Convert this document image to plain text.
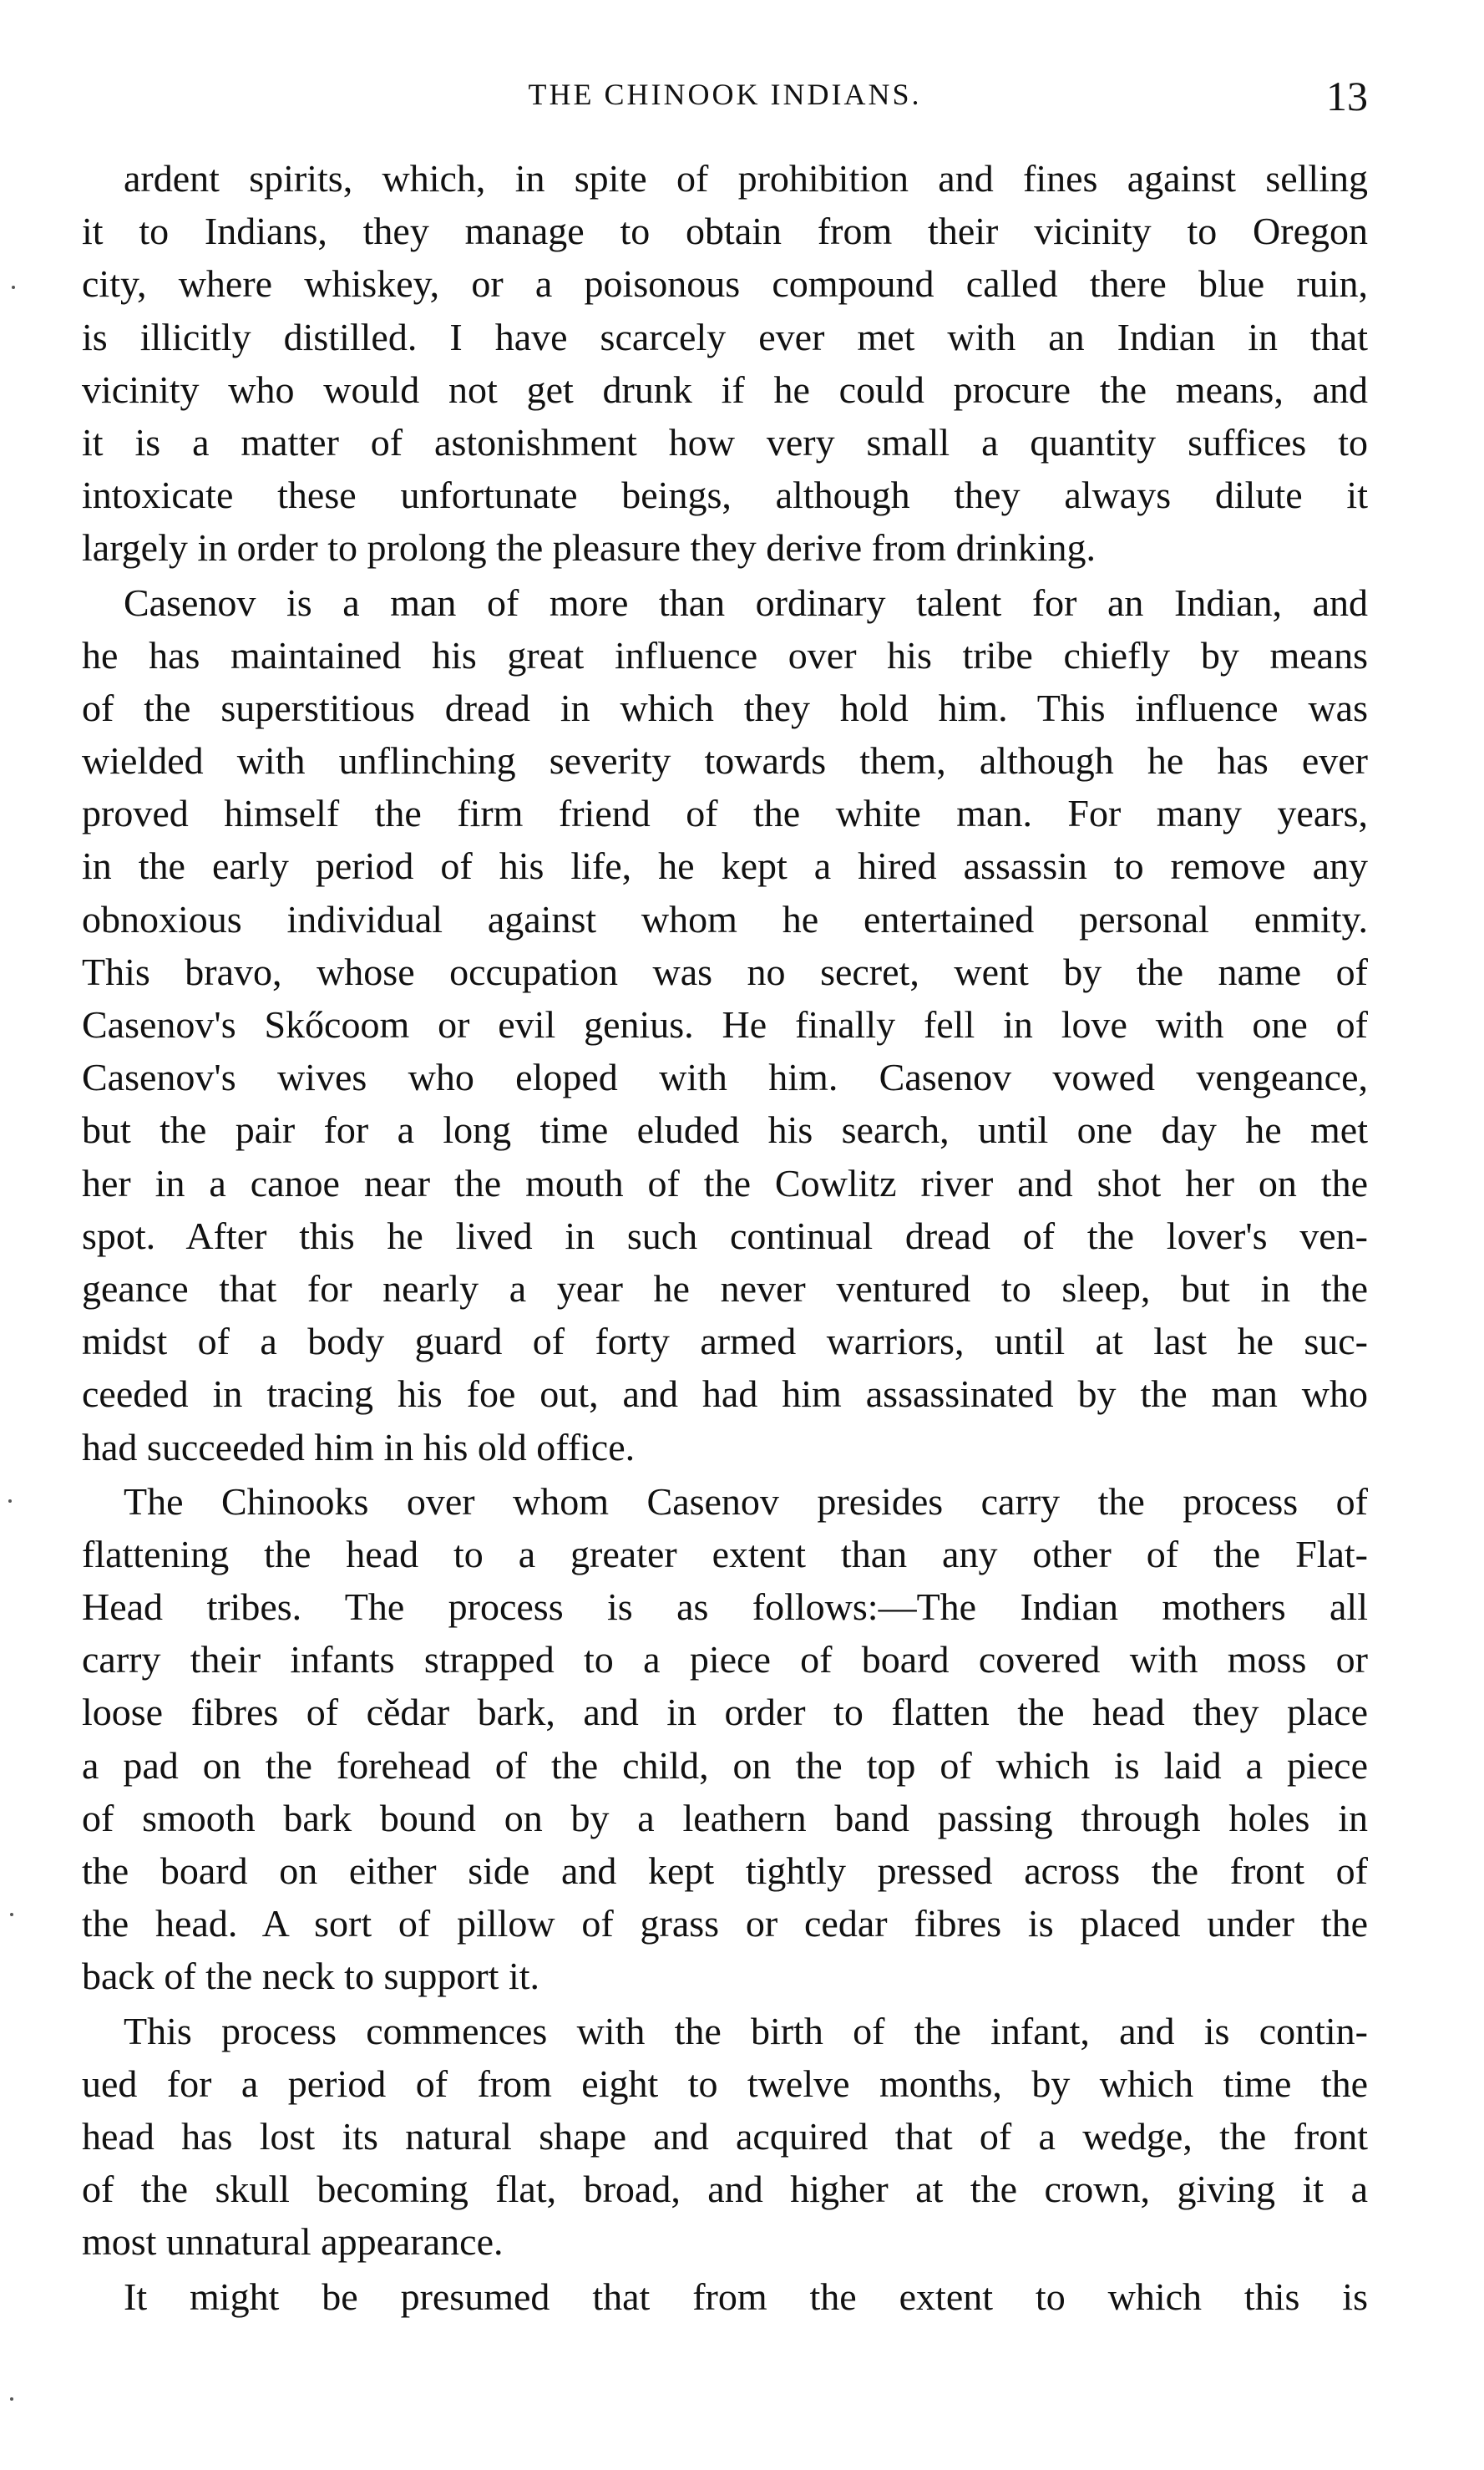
THE CHINOOK INDIANS.	13
ardent spirits, which, in spite of prohibition and fines against selling
it to Indians, they manage to obtain from their vicinity to Oregon
city, where whiskey, or a poisonous compound called there blue ruin,
is illicitly distilled. I have scarcely ever met with an Indian in that
vicinity who would not get drunk if he could procure the means, and
it is a matter of astonishment how very small a quantity suffices to
intoxicate these unfortunate beings, although they always dilute it
largely in order to prolong the pleasure they derive from drinking.
Casenov is a man of more than ordinary talent for an Indian, and
he has maintained his great influence over his tribe chiefly by means
of the superstitious dread in which they hold him. This influence was
wielded with unflinching severity towards them, although he has ever
proved himself the firm friend of the white man. For many years,
in the early period of his life, he kept a hired assassin to remove any
obnoxious individual against whom he entertained personal enmity.
This bravo, whose occupation was no secret, went by the name of
Casenov's Skőcoom or evil genius. He finally fell in love with one of
Casenov's wives who eloped with him. Casenov vowed vengeance,
but the pair for a long time eluded his search, until one day he met
her in a canoe near the mouth of the Cowlitz river and shot her on the
spot. After this he lived in such continual dread of the lover's ven-
geance that for nearly a year he never ventured to sleep, but in the
midst of a body guard of forty armed warriors, until at last he suc-
ceeded in tracing his foe out, and had him assassinated by the man who
had succeeded him in his old office.
The Chinooks over whom Casenov presides carry the process of
flattening the head to a greater extent than any other of the Flat-
Head tribes. The process is as follows:—The Indian mothers all
carry their infants strapped to a piece of board covered with moss or
loose fibres of cědar bark, and in order to flatten the head they place
a pad on the forehead of the child, on the top of which is laid a piece
of smooth bark bound on by a leathern band passing through holes in
the board on either side and kept tightly pressed across the front of
the head. A sort of pillow of grass or cedar fibres is placed under the
back of the neck to support it.
This process commences with the birth of the infant, and is contin-
ued for a period of from eight to twelve months, by which time the
head has lost its natural shape and acquired that of a wedge, the front
of the skull becoming flat, broad, and higher at the crown, giving it a
most unnatural appearance.
It might be presumed that from the extent to which this is
